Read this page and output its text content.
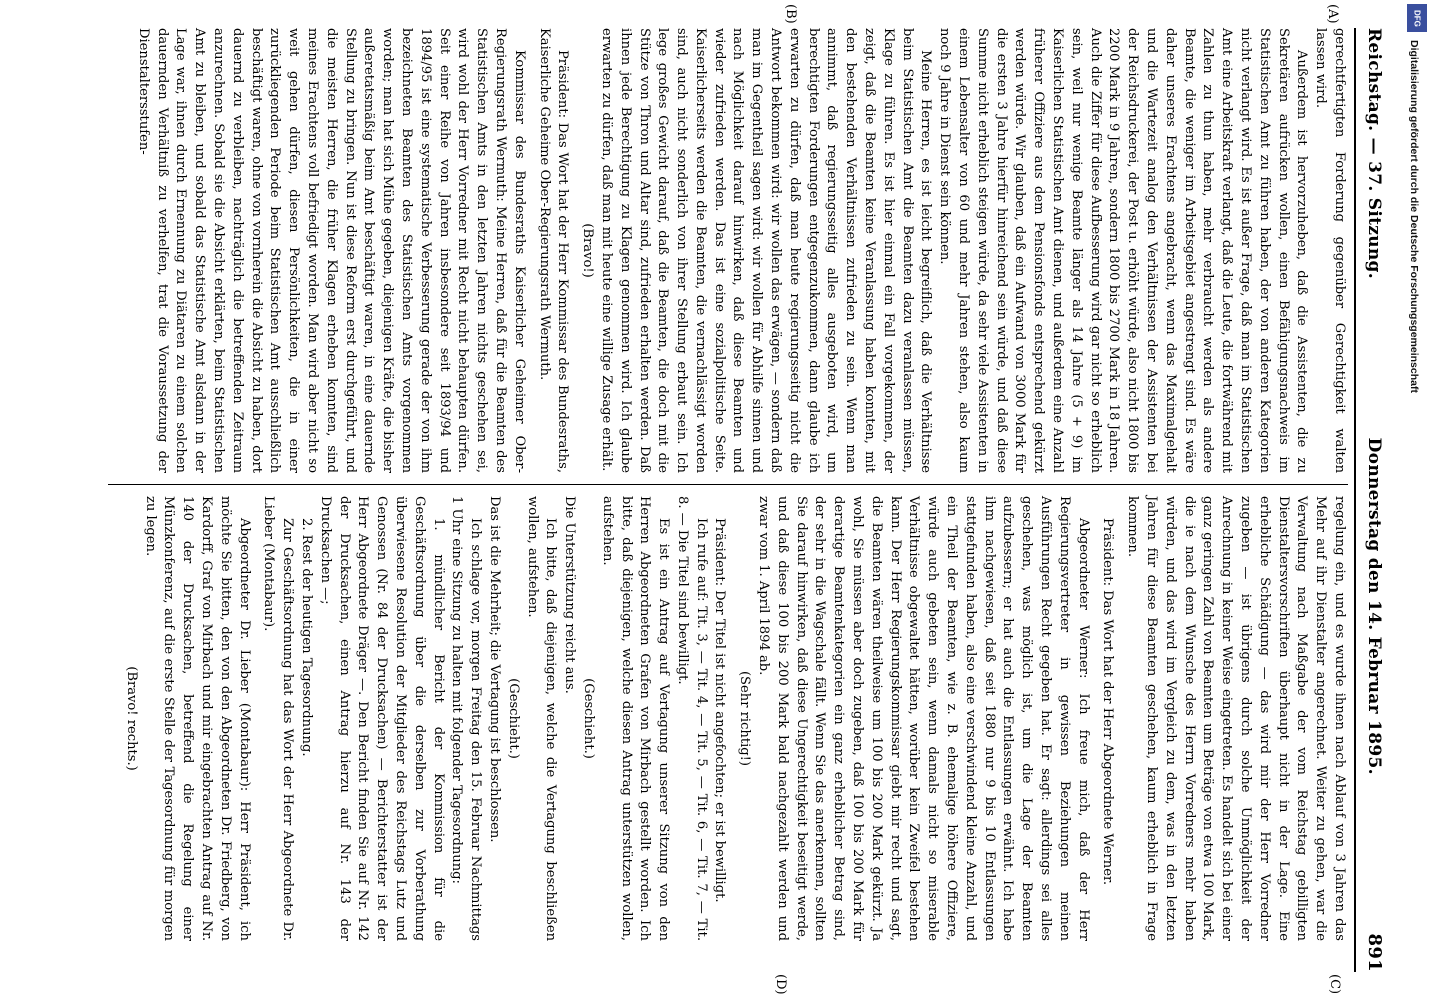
Reichstag. — 37. Sitzung.
Donnerstag den 14. Februar 1895.
891
(A)
(B)
(C)
(D)

gerechtfertigten Forderung gegenüber Gerechtigkeit walten lassen wird.

Außerdem ist hervorzuheben, daß die Assistenten, die zu Sekretären aufrücken wollen, einen Befähigungsnachweis im Statistischen Amt zu führen haben, der von anderen Kategorien nicht verlangt wird. Es ist außer Frage, daß man im Statistischen Amt eine Arbeitskraft verlangt, daß die Leute, die fortwährend mit Zahlen zu thun haben, mehr verbraucht werden als andere Beamte, die weniger im Arbeitsgebiet angestrengt sind. Es wäre daher unseres Erachtens angebracht, wenn das Maximalgehalt und die Wartezeit analog den Verhältnissen der Assistenten bei der Reichsdruckerei, der Post u. erhöht würde, also nicht 1800 bis 2200 Mark in 9 Jahren, sondern 1800 bis 2700 Mark in 18 Jahren. Auch die Ziffer für diese Aufbesserung wird gar nicht so erheblich sein, weil nur wenige Beamte länger als 14 Jahre (5 + 9) im Kaiserlichen Statistischen Amt dienen, und außerdem eine Anzahl früherer Offiziere aus dem Pensionsfonds entsprechend gekürzt werden würde. Wir glauben, daß ein Aufwand von 3000 Mark für die ersten 3 Jahre hierfür hinreichend sein würde, und daß diese Summe nicht erheblich steigen würde, da sehr viele Assistenten in einem Lebensalter von 60 und mehr Jahren stehen, also kaum noch 9 Jahre in Dienst sein können.

Meine Herren, es ist leicht begreiflich, daß die Verhältnisse beim Statistischen Amt die Beamten dazu veranlassen müssen, Klage zu führen. Es ist hier einmal ein Fall vorgekommen, der zeigt, daß die Beamten keine Veranlassung haben konnten, mit den bestehenden Verhältnissen zufrieden zu sein. Wenn man annimmt, daß regierungsseitig alles ausgeboten wird, um berechtigten Forderungen entgegenzukommen, dann glaube ich erwarten zu dürfen, daß man heute regierungsseitig nicht die Antwort bekommen wird: wir wollen das erwägen, — sondern daß man im Gegentheil sagen wird: wir wollen für Abhilfe sinnen und nach Möglichkeit darauf hinwirken, daß diese Beamten und wieder zufrieden werden. Das ist eine sozialpolitische Seite. Kaiserlicherseits werden die Beamten, die vernachlässigt worden sind, auch nicht sonderlich von ihrer Stellung erbaut sein. Ich lege großes Gewicht darauf, daß die Beamten, die doch mit die Stütze von Thron und Altar sind, zufrieden erhalten werden. Daß ihnen jede Berechtigung zu Klagen genommen wird. Ich glaube erwarten zu dürfen, daß man mit heute eine willige Zusage erhält.

(Bravo!)

Präsident: Das Wort hat der Herr Kommissar des Bundesraths, Kaiserliche Geheime Ober-Regierungsrath Wermuth.

Kommissar des Bundesraths Kaiserlicher Geheimer Ober-Regierungsrath Wermuth: Meine Herren, daß für die Beamten des Statistischen Amts in den letzten Jahren nichts geschehen sei, wird wohl der Herr Vorredner mit Recht nicht behaupten dürfen. Seit einer Reihe von Jahren insbesondere seit 1893/94 und 1894/95 ist eine systematische Verbesserung gerade der von ihm bezeichneten Beamten des Statistischen Amts vorgenommen worden; man hat sich Mühe gegeben, diejenigen Kräfte, die bisher außeretatsmäßig beim Amt beschäftigt waren, in eine dauernde Stellung zu bringen. Nun ist diese Reform erst durchgeführt, und die meisten Herren, die früher Klagen erheben konnten, sind meines Erachtens voll befriedigt worden. Man wird aber nicht so weit gehen dürfen, diesen Persönlichkeiten, die in einer zurückliegenden Periode beim Statistischen Amt ausschließlich beschäftigt waren, ohne von vornherein die Absicht zu haben, dort dauernd zu verbleiben, nachträglich die betreffenden Zeitraum anzurechnen. Sobald sie die Absicht erklärten, beim Statistischen Amt zu bleiben, und sobald das Statistische Amt alsdann in der Lage war, ihnen durch Ernennung zu Diätaren zu einem solchen dauernden Verhältniß zu verhelfen, trat die Voraussetzung der Dienstaltersstufen-

regelung ein, und es wurde ihnen nach Ablauf von 3 Jahren das Mehr auf ihr Dienstalter angerechnet. Weiter zu gehen, war die Verwaltung nach Maßgabe der vom Reichstag gebilligten Dienstaltersvorschriften überhaupt nicht in der Lage. Eine erhebliche Schädigung — das wird mir der Herr Vorredner zugeben — ist übrigens durch solche Unmöglichkeit der Anrechnung in keiner Weise eingetreten. Es handelt sich bei einer ganz geringen Zahl von Beamten um Beträge von etwa 100 Mark, die ie nach dem Wunsche des Herrn Vorredners mehr haben würden, und das wird im Vergleich zu dem, was in den letzten Jahren für diese Beamten geschehen, kaum erheblich in Frage kommen.

Präsident: Das Wort hat der Herr Abgeordnete Werner.

Abgeordneter Werner: Ich freue mich, daß der Herr Regierungsvertreter in gewissen Beziehungen meinen Ausführungen Recht gegeben hat. Er sagt: allerdings sei alles geschehen, was möglich ist, um die Lage der Beamten aufzubessern; er hat auch die Entlassungen erwähnt. Ich habe ihm nachgewiesen, daß seit 1880 nur 9 bis 10 Entlassungen stattgefunden haben, also eine verschwindend kleine Anzahl, und ein Theil der Beamten, wie z. B. ehemalige höhere Offiziere, würde auch gebeten sein, wenn damals nicht so miserable Verhältnisse obgewaltet hätten, worüber kein Zweifel bestehen kann. Der Herr Regierungskommissar giebt mir recht und sagt, die Beamten wären theilweise um 100 bis 200 Mark gekürzt. Ja wohl, Sie müssen aber doch zugeben, daß 100 bis 200 Mark für derartige Beamtenkategorien ein ganz erheblicher Betrag sind, der sehr in die Wagschale fällt. Wenn Sie das anerkennen, sollten Sie darauf hinwirken, daß diese Ungerechtigkeit beseitigt werde, und daß diese 100 bis 200 Mark bald nachgezahlt werden und zwar vom 1. April 1894 ab.

(Sehr richtig!)

Präsident: Der Titel ist nicht angefochten; er ist bewilligt.

Ich rufe auf: Tit. 3, — Tit. 4, — Tit. 5, — Tit. 6, — Tit. 7, — Tit. 8. — Die Titel sind bewilligt.

Es ist ein Antrag auf Vertagung unserer Sitzung von den Herren Abgeordneten Grafen von Mirbach gestellt worden. Ich bitte, daß diejenigen, welche diesen Antrag unterstützen wollen, aufstehen.

(Geschieht.)

Die Unterstützung reicht aus.

Ich bitte, daß diejenigen, welche die Vertagung beschließen wollen, aufstehen.

(Geschieht.)

Das ist die Mehrheit; die Vertagung ist beschlossen.

Ich schlage vor, morgen Freitag den 15. Februar Nachmittags 1 Uhr eine Sitzung zu halten mit folgender Tagesordnung:

1. mündlicher Bericht der Kommission für die Geschäftsordnung über die derselben zur Vorberathung überwiesene Resolution der Mitglieder des Reichstags Lutz und Genossen (Nr. 84 der Drucksachen) — Berichterstatter ist der Herr Abgeordnete Dräger —. Den Bericht finden Sie auf Nr. 142 der Drucksachen, einen Antrag hierzu auf Nr. 143 der Drucksachen —;

2. Rest der heutigen Tagesordnung.

Zur Geschäftsordnung hat das Wort der Herr Abgeordnete Dr. Lieber (Montabaur).

Abgeordneter Dr. Lieber (Montabaur): Herr Präsident, ich möchte Sie bitten, den von den Abgeordneten Dr. Friedberg, von Kardorff, Graf von Mirbach und mir eingebrachten Antrag auf Nr. 140 der Drucksachen, betreffend die Regelung einer Münzkonferenz, auf die erste Stelle der Tagesordnung für morgen zu legen.

(Bravo! rechts.)

DFG
Digitalisierung gefördert durch die Deutsche Forschungsgemeinschaft
